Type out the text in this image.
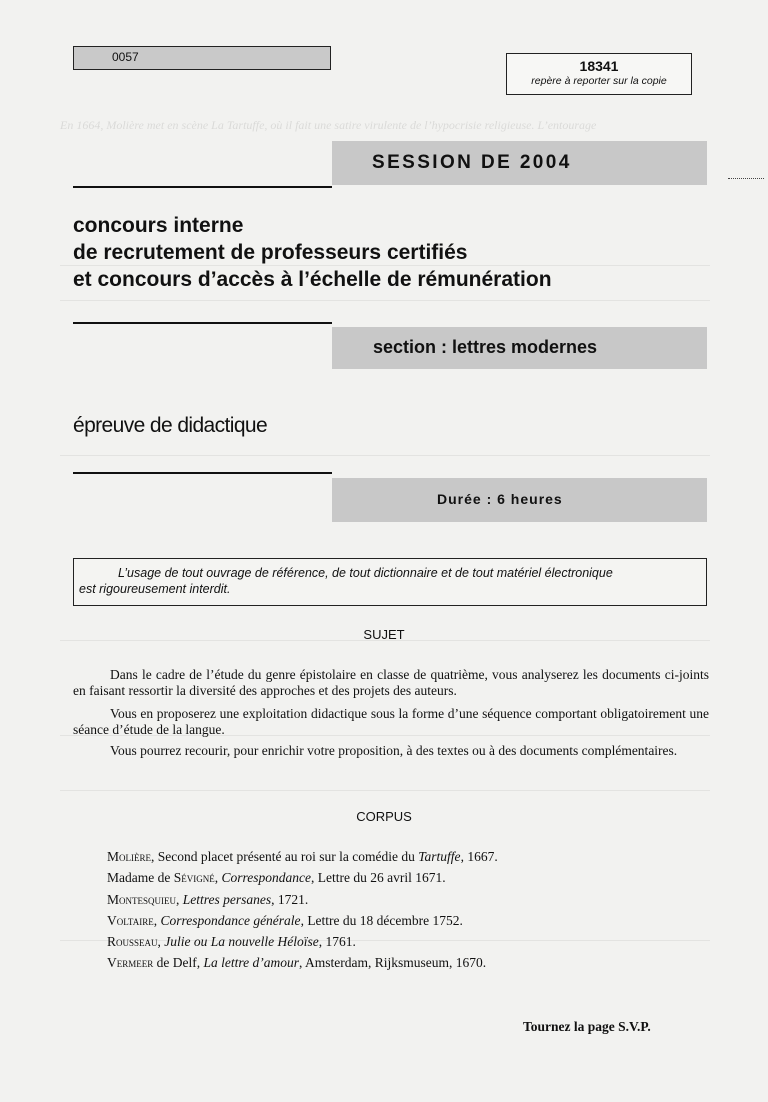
En 1664, Molière met en scène La Tartuffe, où il fait une satire virulente de l’hypocrisie religieuse. L’entourage
0057
18341
repère à reporter sur la copie
SESSION DE 2004
concours interne
de recrutement de professeurs certifiés
et concours d’accès à l’échelle de rémunération
section : lettres modernes
épreuve de didactique
Durée : 6 heures
L’usage de tout ouvrage de référence, de tout dictionnaire et de tout matériel électronique
est rigoureusement interdit.
SUJET

Dans le cadre de l’étude du genre épistolaire en classe de quatrième, vous analyserez les documents ci-joints en faisant ressortir la diversité des approches et des projets des auteurs.

Vous en proposerez une exploitation didactique sous la forme d’une séquence comportant obligatoirement une séance d’étude de la langue.

Vous pourrez recourir, pour enrichir votre proposition, à des textes ou à des documents complémentaires.

CORPUS
Molière, Second placet présenté au roi sur la comédie du Tartuffe, 1667.
Madame de Sévigné, Correspondance, Lettre du 26 avril 1671.
Montesquieu, Lettres persanes, 1721.
Voltaire, Correspondance générale, Lettre du 18 décembre 1752.
Rousseau, Julie ou La nouvelle Héloïse, 1761.
Vermeer de Delf, La lettre d’amour, Amsterdam, Rijksmuseum, 1670.
Tournez la page S.V.P.
